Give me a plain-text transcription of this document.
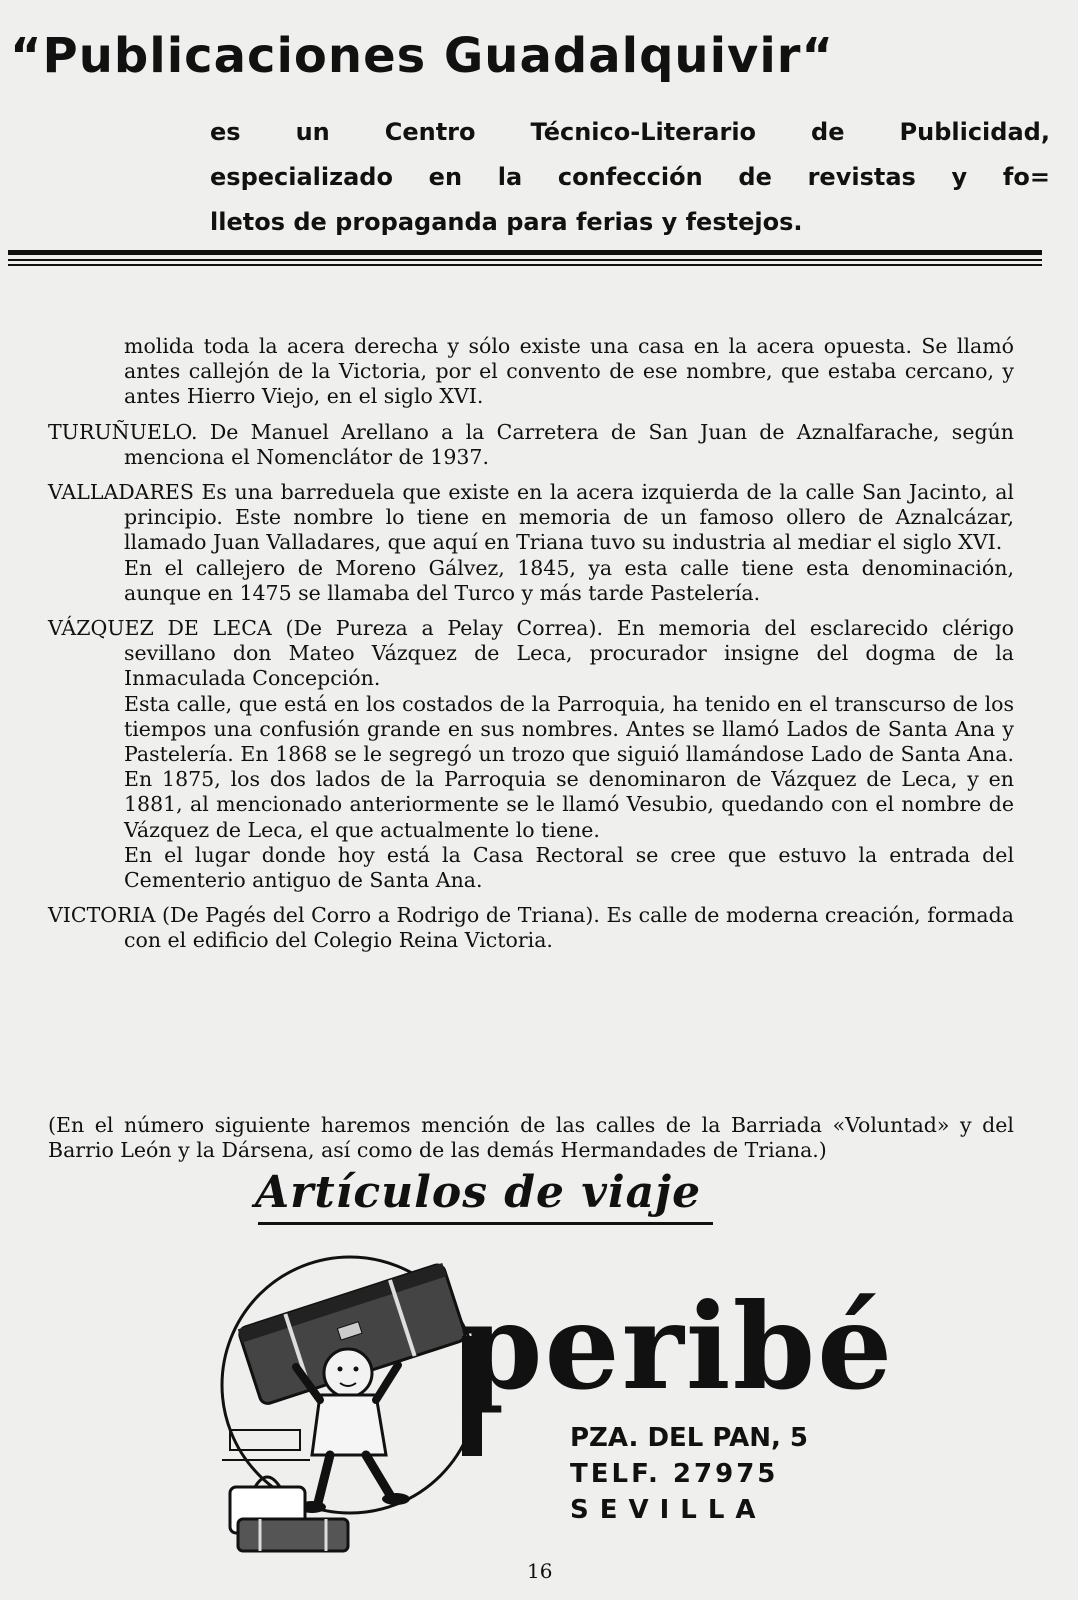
“Publicaciones Guadalquivir“
es un Centro Técnico-Literario de Publicidad,
especializado en la confección de revistas y fo=
lletos de propaganda para ferias y festejos.

molida toda la acera derecha y sólo existe una casa en la acera opuesta. Se llamó antes callejón de la Victoria, por el convento de ese nombre, que estaba cercano, y antes Hierro Viejo, en el siglo XVI.

TURUÑUELO. De Manuel Arellano a la Carretera de San Juan de Aznalfarache, según menciona el Nomenclátor de 1937.

VALLADARES Es una barreduela que existe en la acera izquierda de la calle San Jacinto, al principio. Este nombre lo tiene en memoria de un famoso ollero de Aznalcázar, llamado Juan Valladares, que aquí en Triana tuvo su industria al mediar el siglo XVI.

En el callejero de Moreno Gálvez, 1845, ya esta calle tiene esta denominación, aunque en 1475 se llamaba del Turco y más tarde Pastelería.

VÁZQUEZ DE LECA (De Pureza a Pelay Correa). En memoria del esclarecido clérigo sevillano don Mateo Vázquez de Leca, procurador insigne del dogma de la Inmaculada Concepción.

Esta calle, que está en los costados de la Parroquia, ha tenido en el transcurso de los tiempos una confusión grande en sus nombres. Antes se llamó Lados de Santa Ana y Pastelería. En 1868 se le segregó un trozo que siguió llamándose Lado de Santa Ana. En 1875, los dos lados de la Parroquia se denominaron de Vázquez de Leca, y en 1881, al mencionado anteriormente se le llamó Vesubio, quedando con el nombre de Vázquez de Leca, el que actualmente lo tiene.

En el lugar donde hoy está la Casa Rectoral se cree que estuvo la entrada del Cementerio antiguo de Santa Ana.

VICTORIA (De Pagés del Corro a Rodrigo de Triana). Es calle de moderna creación, formada con el edificio del Colegio Reina Victoria.

(En el número siguiente haremos mención de las calles de la Barriada «Voluntad» y del Barrio León y la Dársena, así como de las demás Hermandades de Triana.)

Artículos de viaje
peribé
PZA. DEL PAN, 5
TELF. 27975
SEVILLA
16
